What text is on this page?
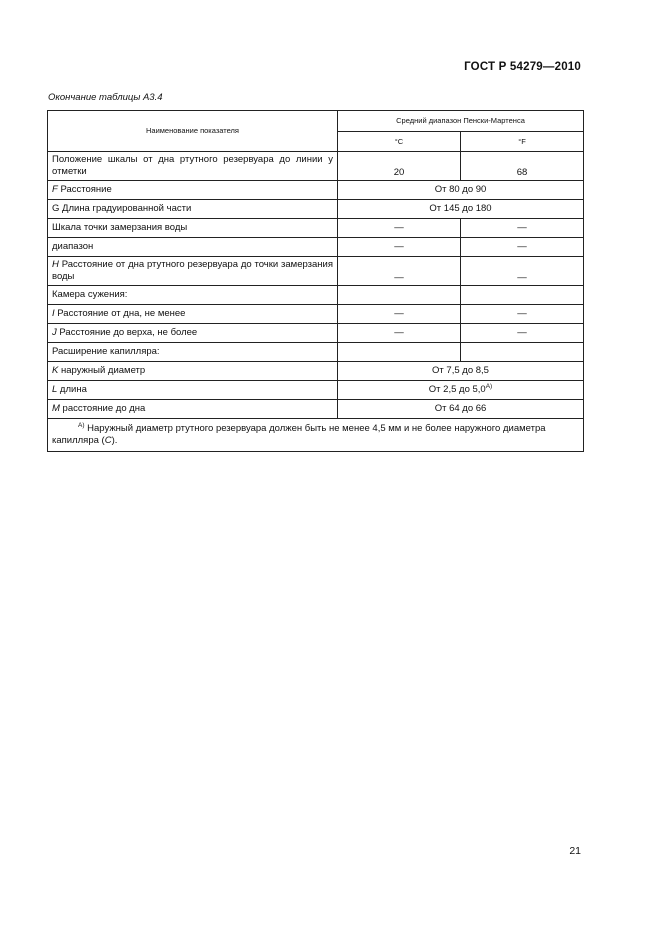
ГОСТ Р 54279—2010
Окончание таблицы А3.4
Наименование показателя	Средний диапазон Пенски-Мартенса	
	°C	°F
Положение шкалы от дна ртутного резервуара до линии у отметки	20	68
F Расстояние	От 80 до 90	
G Длина градуированной части	От 145 до 180	
Шкала точки замерзания воды	—	—
диапазон	—	—
H Расстояние от дна ртутного резервуара до точки замерзания воды	—	—
Камера сужения:		
I Расстояние от дна, не менее	—	—
J Расстояние до верха, не более	—	—
Расширение капилляра:		
K наружный диаметр	От 7,5 до 8,5	
L длина	От 2,5 до 5,0$^{А)}$
M расстояние до дна	От 64 до 66	
$^{А)}$ Наружный диаметр ртутного резервуара должен быть не менее 4,5 мм и не более наружного диаметра капилляра (С).		
21
